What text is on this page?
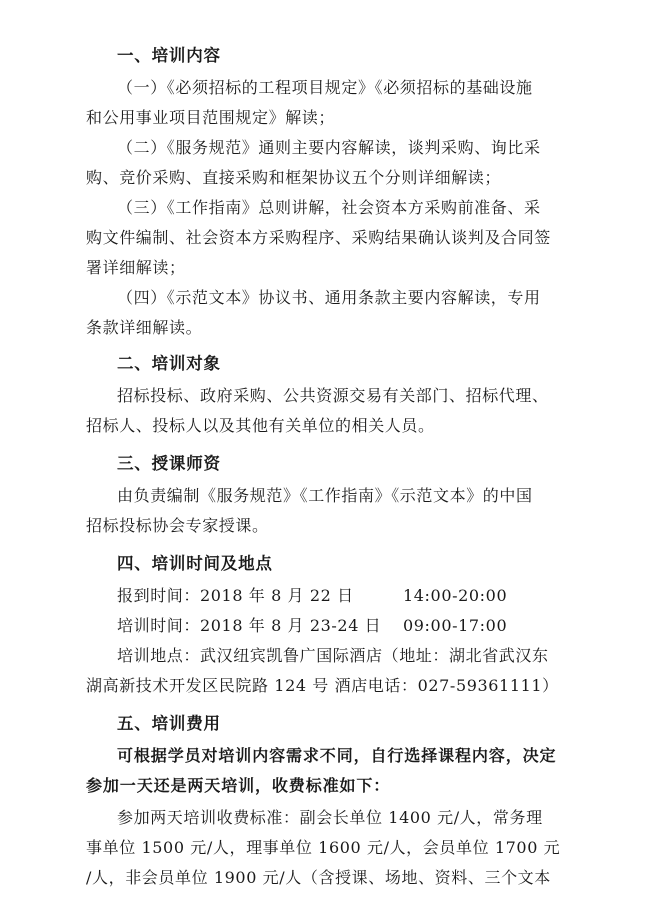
一、培训内容
（一）《必须招标的工程项目规定》《必须招标的基础设施
和公用事业项目范围规定》解读；
（二）《服务规范》通则主要内容解读，谈判采购、询比采
购、竞价采购、直接采购和框架协议五个分则详细解读；
（三）《工作指南》总则讲解，社会资本方采购前准备、采
购文件编制、社会资本方采购程序、采购结果确认谈判及合同签
署详细解读；
（四）《示范文本》协议书、通用条款主要内容解读，专用
条款详细解读。
二、培训对象
招标投标、政府采购、公共资源交易有关部门、招标代理、
招标人、投标人以及其他有关单位的相关人员。
三、授课师资
由负责编制《服务规范》《工作指南》《示范文本》的中国
招标投标协会专家授课。
四、培训时间及地点
报到时间：2018 年 8 月 22 日	14:00-20:00
培训时间：2018 年 8 月 23-24 日 09:00-17:00
培训地点：武汉纽宾凯鲁广国际酒店（地址：湖北省武汉东
湖高新技术开发区民院路 124 号 酒店电话：027-59361111）
五、培训费用
可根据学员对培训内容需求不同，自行选择课程内容，决定
参加一天还是两天培训，收费标准如下：
参加两天培训收费标准：副会长单位 1400 元/人，常务理
事单位 1500 元/人，理事单位 1600 元/人，会员单位 1700 元
/人，非会员单位 1900 元/人（含授课、场地、资料、三个文本
